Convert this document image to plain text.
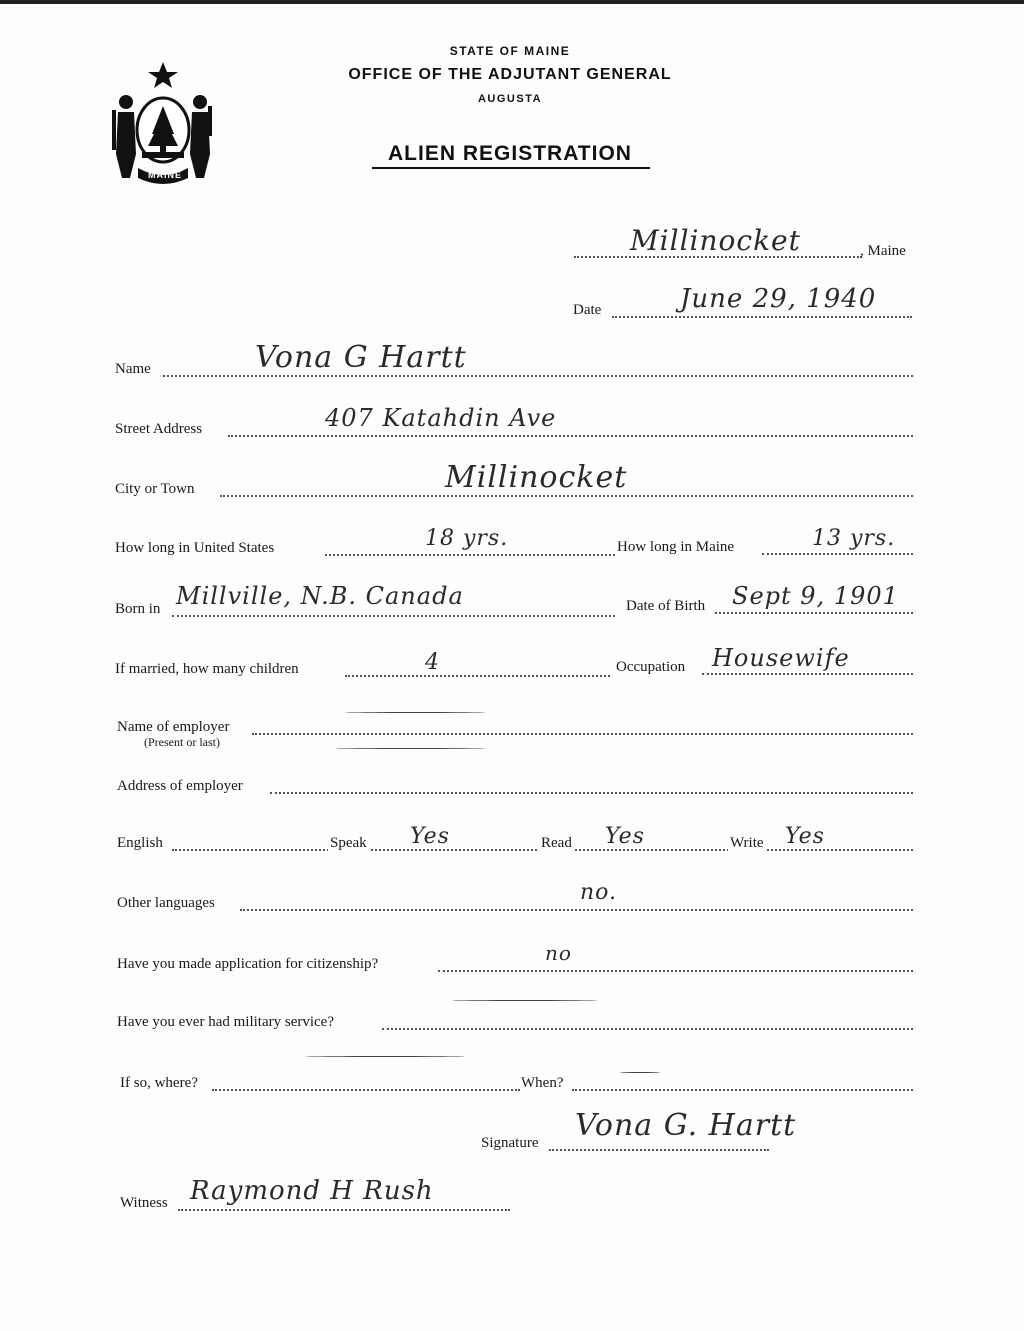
MAINE
STATE OF MAINE
OFFICE OF THE ADJUTANT GENERAL
AUGUSTA
ALIEN REGISTRATION
Millinocket	, Maine
Date	June 29, 1940
Name	Vona G Hartt
Street Address	407 Katahdin Ave
City or Town	Millinocket
How long in United States	18 yrs.	How long in Maine	13 yrs.
Born in Millville, N.B. Canada	Date of Birth Sept 9, 1901
If married, how many children	4	Occupation Housewife
Name of employer
(Present or last)
Address of employer
English	Speak Yes	Read Yes	Write Yes
Other languages	no.
Have you made application for citizenship?	no
Have you ever had military service?
If so, where?	When?
Signature Vona G. Hartt
Witness Raymond H Rush
